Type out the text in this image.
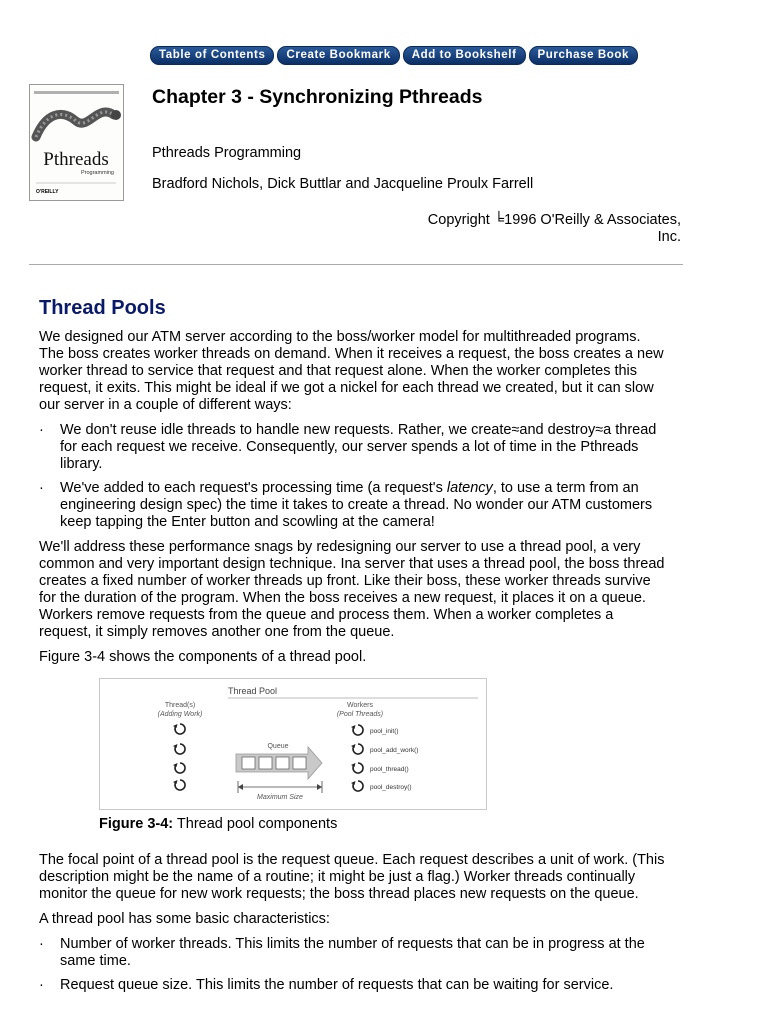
Table of Contents	Create Bookmark	Add to Bookshelf	Purchase Book
Pthreads
Programming
O'REILLY
Chapter 3 - Synchronizing Pthreads
Pthreads Programming
Bradford Nichols, Dick Buttlar and Jacqueline Proulx Farrell
Copyright ╘1996 O'Reilly & Associates,
Inc.
Thread Pools

We designed our ATM server according to the boss/worker model for multithreaded programs. The boss creates worker threads on demand. When it receives a request, the boss creates a new worker thread to service that request and that request alone. When the worker completes this request, it exits. This might be ideal if we got a nickel for each thread we created, but it can slow our server in a couple of different ways:

· We don't reuse idle threads to handle new requests. Rather, we create≈and destroy≈a thread for each request we receive. Consequently, our server spends a lot of time in the Pthreads library.
· We've added to each request's processing time (a request's latency, to use a term from an engineering design spec) the time it takes to create a thread. No wonder our ATM customers keep tapping the Enter button and scowling at the camera!

We'll address these performance snags by redesigning our server to use a thread pool, a very common and very important design technique. Ina server that uses a thread pool, the boss thread creates a fixed number of worker threads up front. Like their boss, these worker threads survive for the duration of the program. When the boss receives a new request, it places it on a queue. Workers remove requests from the queue and process them. When a worker completes a request, it simply removes another one from the queue.

Figure 3-4 shows the components of a thread pool.

Thread Pool
Thread(s)
(Adding Work)
Workers
(Pool Threads)
Queue
Maximum Size
pool_init()
pool_add_work()
pool_thread()
pool_destroy()
Figure 3-4: Thread pool components

The focal point of a thread pool is the request queue. Each request describes a unit of work. (This description might be the name of a routine; it might be just a flag.) Worker threads continually monitor the queue for new work requests; the boss thread places new requests on the queue.

A thread pool has some basic characteristics:

· Number of worker threads. This limits the number of requests that can be in progress at the same time.
· Request queue size. This limits the number of requests that can be waiting for service.
